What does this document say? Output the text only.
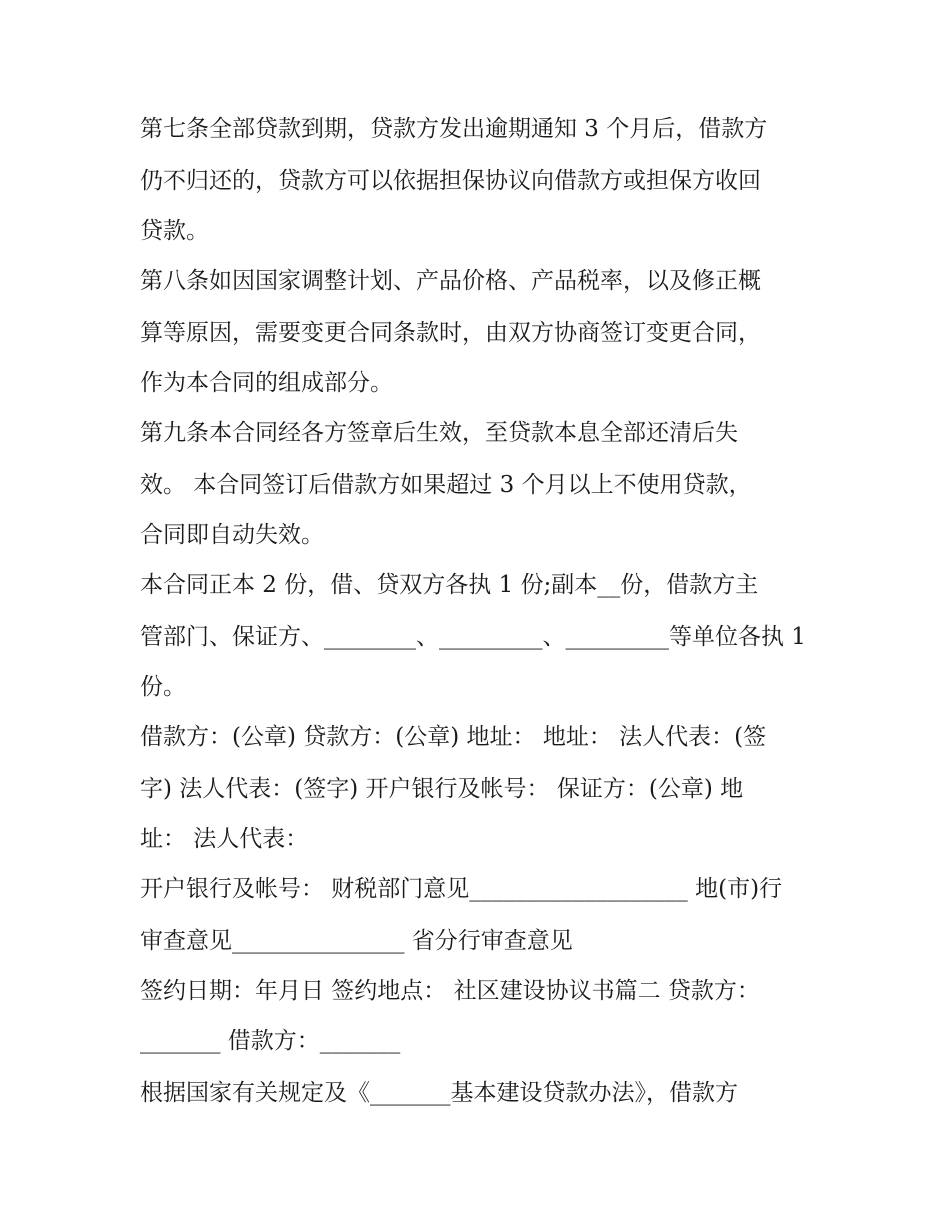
第七条全部贷款到期，贷款方发出逾期通知 3 个月后，借款方
仍不归还的，贷款方可以依据担保协议向借款方或担保方收回
贷款。
第八条如因国家调整计划、产品价格、产品税率，以及修正概
算等原因，需要变更合同条款时，由双方协商签订变更合同，
作为本合同的组成部分。
第九条本合同经各方签章后生效，至贷款本息全部还清后失
效。 本合同签订后借款方如果超过 3 个月以上不使用贷款，
合同即自动失效。
本合同正本 2 份，借、贷双方各执 1 份;副本__份，借款方主
管部门、保证方、________、_________、_________等单位各执 1
份。
借款方：(公章) 贷款方：(公章) 地址： 地址： 法人代表：(签
字) 法人代表：(签字) 开户银行及帐号： 保证方：(公章) 地
址： 法人代表：
开户银行及帐号： 财税部门意见___________________ 地(市)行
审查意见_______________ 省分行审查意见
签约日期：年月日 签约地点： 社区建设协议书篇二 贷款方：
_______ 借款方：_______
根据国家有关规定及《_______基本建设贷款办法》，借款方
